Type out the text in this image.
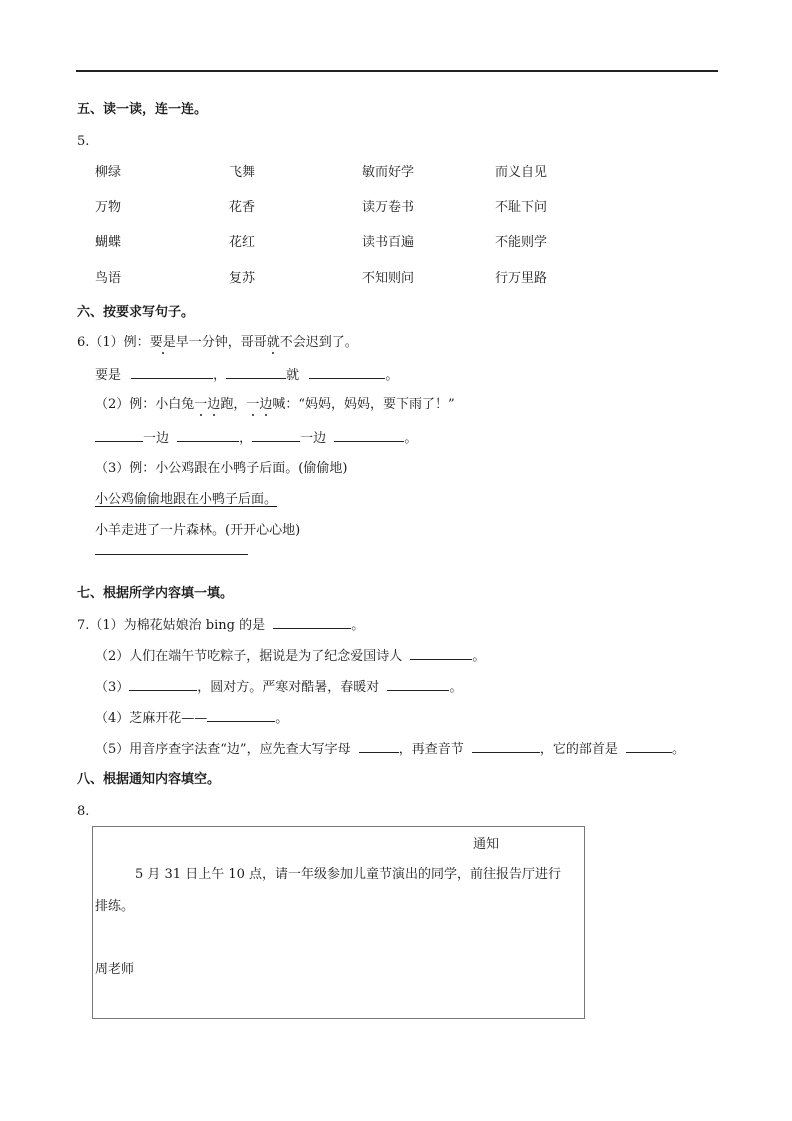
五、读一读，连一连。
5.
柳绿	飞舞	敏而好学	而义自见
万物	花香	读万卷书	不耻下问
蝴蝶	花红	读书百遍	不能则学
鸟语	复苏	不知则问	行万里路
六、按要求写句子。
6.（1）例：要是早一分钟，哥哥就不会迟到了。
要是	，	就	。
（2）例：小白兔一边跑，一边喊：“妈妈，妈妈，要下雨了！”
一边	，	一边	。
（3）例：小公鸡跟在小鸭子后面。(偷偷地)
小公鸡偷偷地跟在小鸭子后面。
小羊走进了一片森林。(开开心心地)
七、根据所学内容填一填。
7.（1）为棉花姑娘治 bing 的是	。
（2）人们在端午节吃粽子，据说是为了纪念爱国诗人	。
（3）	，圆对方。严寒对酷暑，春暖对	。
（4）芝麻开花——	。
（5）用音序查字法查“边”，应先查大写字母	，再查音节	，它的部首是	。
八、根据通知内容填空。
8.
通知
5 月 31 日上午 10 点，请一年级参加儿童节演出的同学，前往报告厅进行
排练。
周老师
